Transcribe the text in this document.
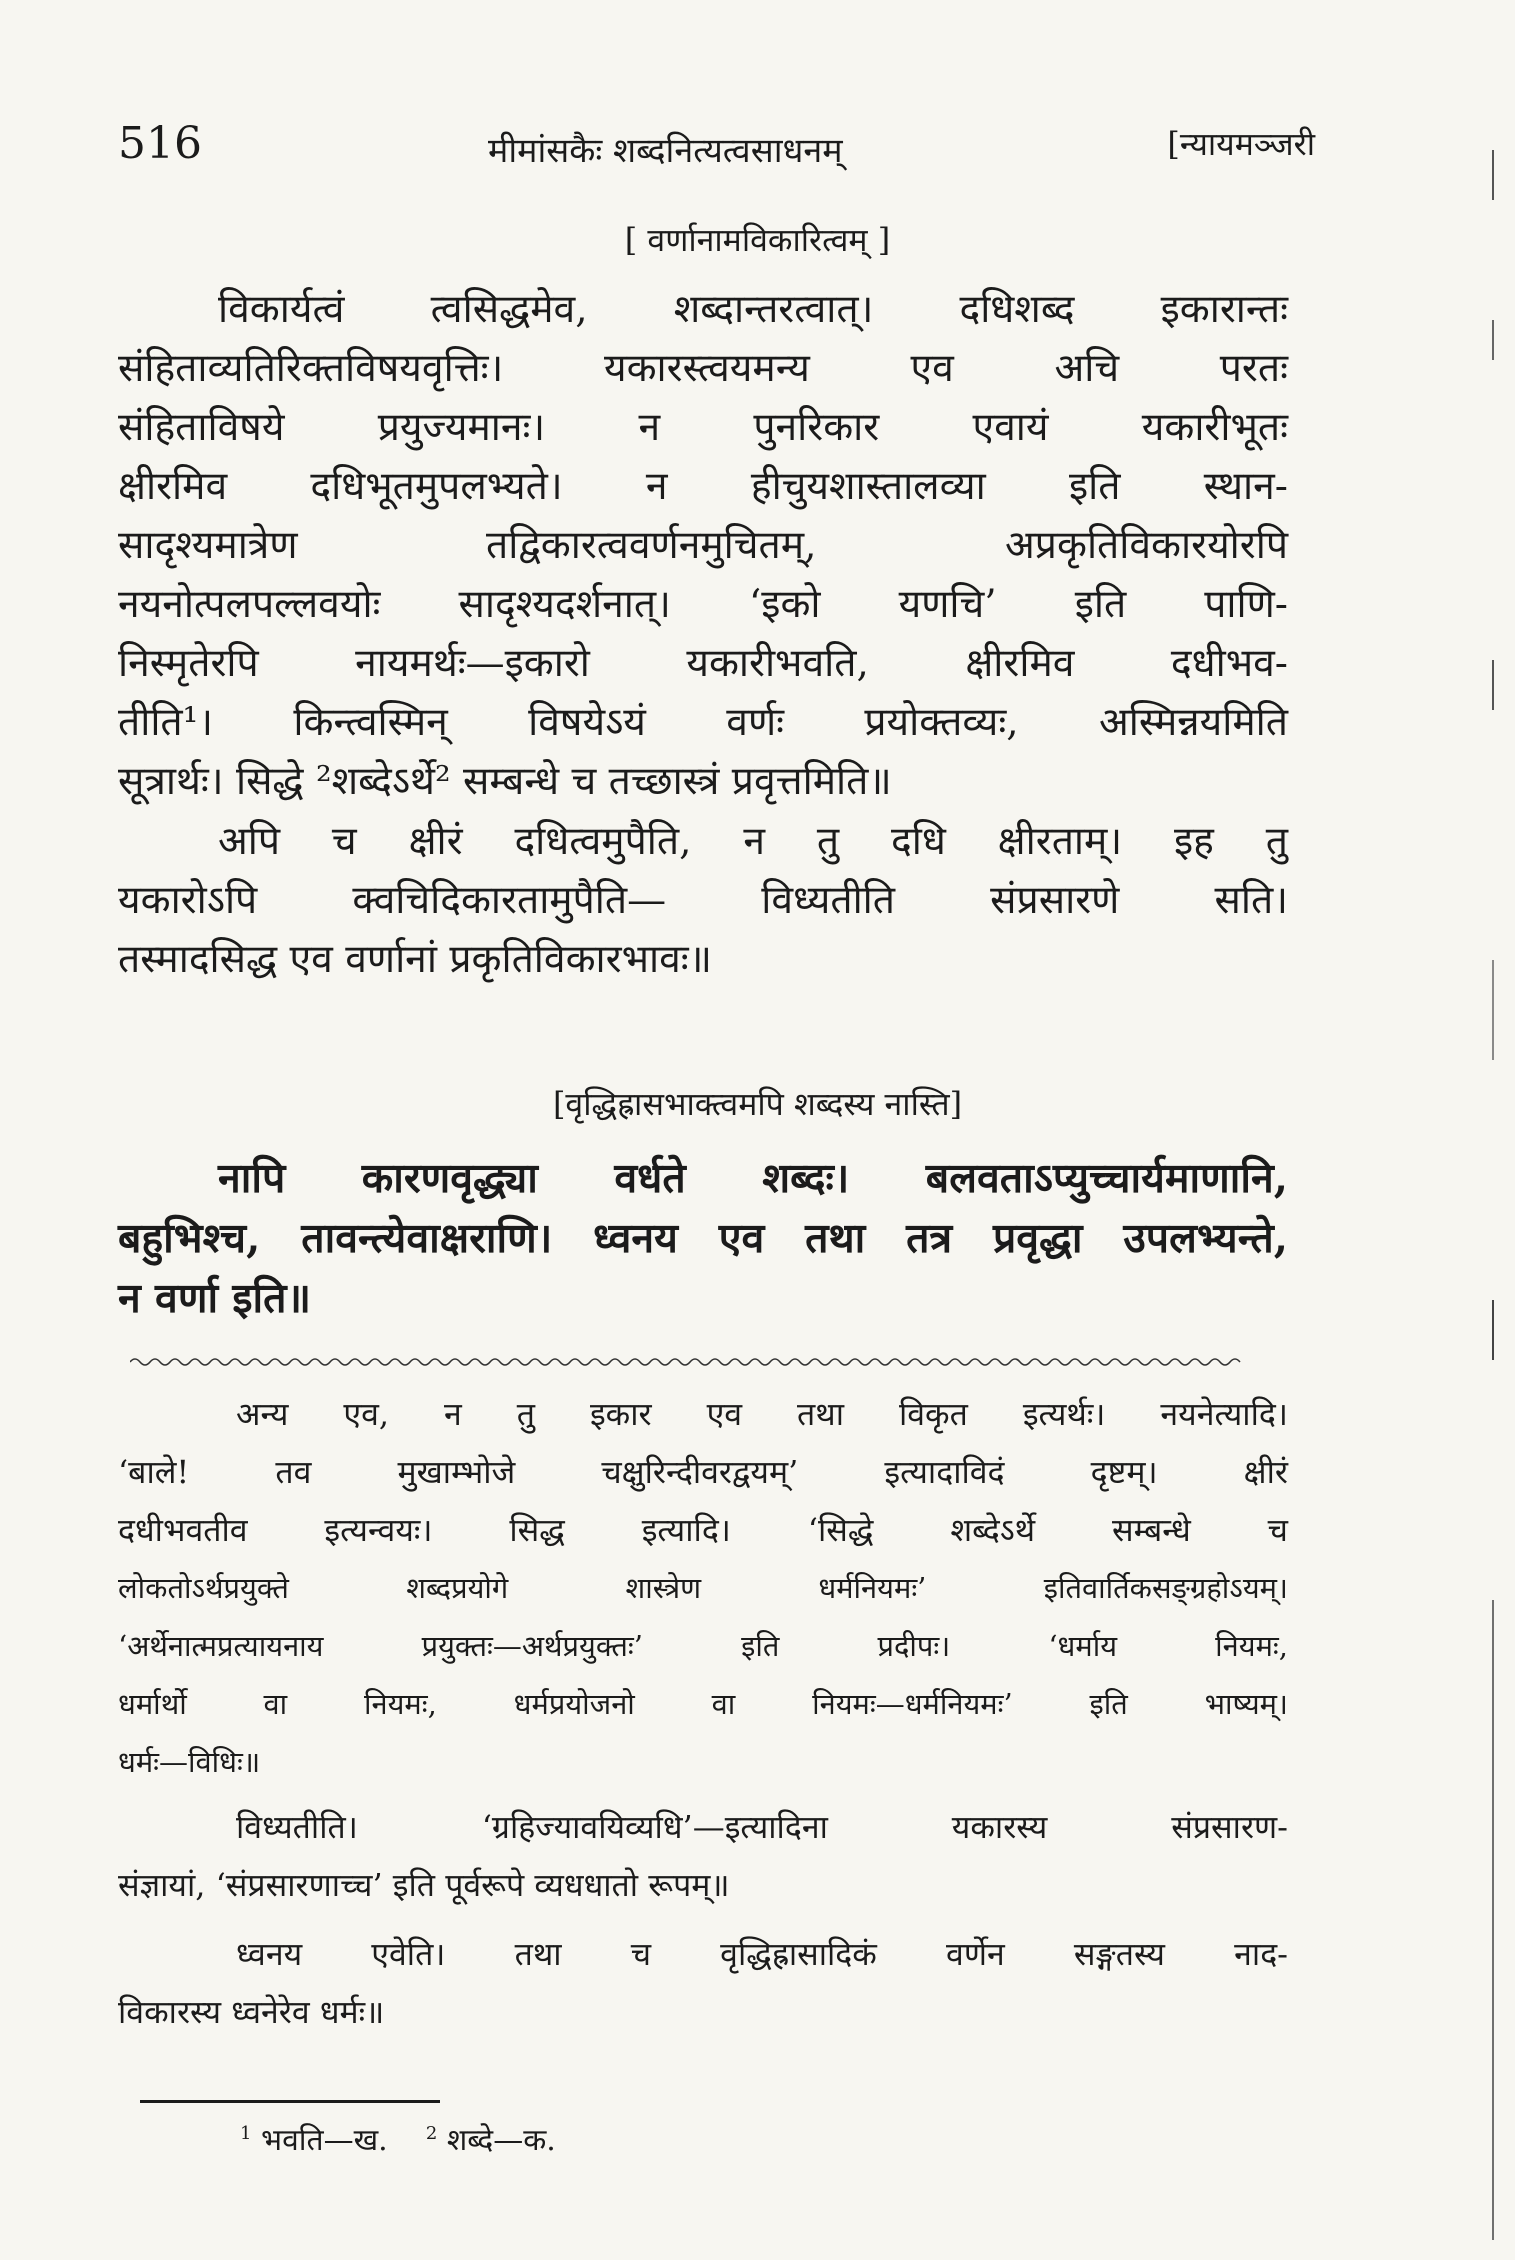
516	मीमांसकैः शब्दनित्यत्वसाधनम्	[न्यायमञ्जरी
[ वर्णानामविकारित्वम् ]

विकार्यत्वं त्वसिद्धमेव, शब्दान्तरत्वात्। दधिशब्द इकारान्तः
संहिताव्यतिरिक्तविषयवृत्तिः। यकारस्त्वयमन्य एव अचि परतः
संहिताविषये प्रयुज्यमानः। न पुनरिकार एवायं यकारीभूतः
क्षीरमिव दधिभूतमुपलभ्यते। न हीचुयशास्तालव्या इति स्थान-
सादृश्यमात्रेण तद्विकारत्ववर्णनमुचितम्, अप्रकृतिविकारयोरपि
नयनोत्पलपल्लवयोः सादृश्यदर्शनात्। ‘इको यणचि’ इति पाणि-
निस्मृतेरपि नायमर्थः—इकारो यकारीभवति, क्षीरमिव दधीभव-
तीति¹। किन्त्वस्मिन् विषयेऽयं वर्णः प्रयोक्तव्यः, अस्मिन्नयमिति
सूत्रार्थः। सिद्धे ²शब्देऽर्थे² सम्बन्धे च तच्छास्त्रं प्रवृत्तमिति॥

अपि च क्षीरं दधित्वमुपैति, न तु दधि क्षीरताम्। इह तु
यकारोऽपि क्वचिदिकारतामुपैति— विध्यतीति संप्रसारणे सति।
तस्मादसिद्ध एव वर्णानां प्रकृतिविकारभावः॥

[वृद्धिह्रासभाक्त्वमपि शब्दस्य नास्ति]

नापि कारणवृद्ध्या वर्धते शब्दः। बलवताऽप्युच्चार्यमाणानि,
बहुभिश्च, तावन्त्येवाक्षराणि। ध्वनय एव तथा तत्र प्रवृद्धा उपलभ्यन्ते,
न वर्णा इति॥

अन्य एव, न तु इकार एव तथा विकृत इत्यर्थः। नयनेत्यादि।
‘बाले! तव मुखाम्भोजे चक्षुरिन्दीवरद्वयम्’ इत्यादाविदं दृष्टम्। क्षीरं
दधीभवतीव इत्यन्वयः। सिद्ध इत्यादि। ‘सिद्धे शब्देऽर्थे सम्बन्धे च
लोकतोऽर्थप्रयुक्ते शब्दप्रयोगे शास्त्रेण धर्मनियमः’ इतिवार्तिकसङ्ग्रहोऽयम्।
‘अर्थेनात्मप्रत्यायनाय प्रयुक्तः—अर्थप्रयुक्तः’ इति प्रदीपः। ‘धर्माय नियमः,
धर्मार्थो वा नियमः, धर्मप्रयोजनो वा नियमः—धर्मनियमः’ इति भाष्यम्।
धर्मः—विधिः॥

विध्यतीति। ‘ग्रहिज्यावयिव्यधि’—इत्यादिना यकारस्य संप्रसारण-
संज्ञायां, ‘संप्रसारणाच्च’ इति पूर्वरूपे व्यधधातो रूपम्॥

ध्वनय एवेति। तथा च वृद्धिह्रासादिकं वर्णेन सङ्गतस्य नाद-
विकारस्य ध्वनेरेव धर्मः॥

$^1$ भवति—ख. $^2$ शब्दे—क.
